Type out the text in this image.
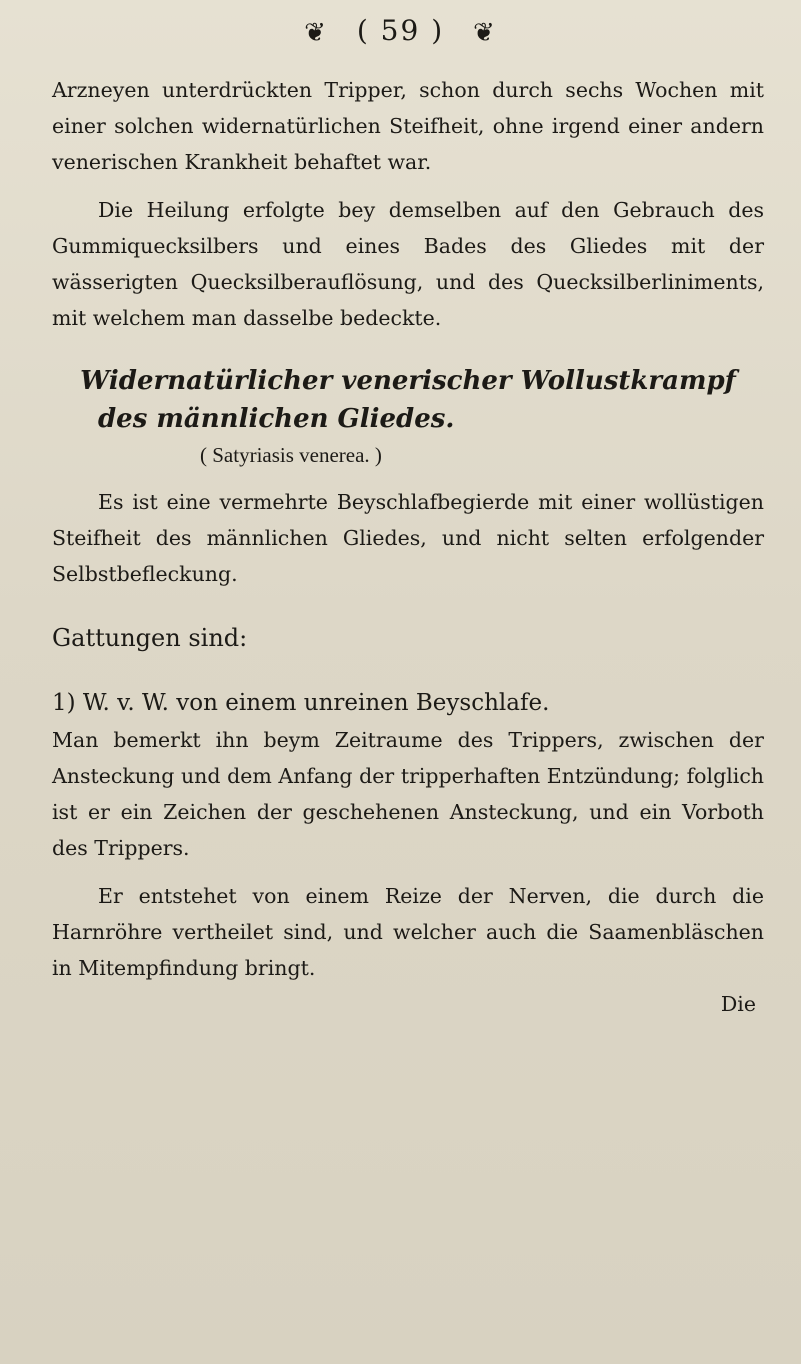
❦ ( 59 ) ❦

Arzneyen unterdrückten Tripper, schon durch sechs Wochen mit einer solchen widernatürlichen Steifheit, ohne irgend einer andern venerischen Krankheit behaftet war.

Die Heilung erfolgte bey demselben auf den Gebrauch des Gummiquecksilbers und eines Bades des Gliedes mit der wässerigten Quecksilberauflösung, und des Quecksilberliniments, mit welchem man dasselbe bedeckte.

Widernatürlicher venerischer Wollustkrampf

des männlichen Gliedes.

( Satyriasis venerea. )

Es ist eine vermehrte Beyschlafbegierde mit einer wollüstigen Steifheit des männlichen Gliedes, und nicht selten erfolgender Selbstbefleckung.

Gattungen sind:

1) W. v. W. von einem unreinen Beyschlafe.

Man bemerkt ihn beym Zeitraume des Trippers, zwischen der Ansteckung und dem Anfang der tripperhaften Entzündung; folglich ist er ein Zeichen der geschehenen Ansteckung, und ein Vorboth des Trippers.

Er entstehet von einem Reize der Nerven, die durch die Harnröhre vertheilet sind, und welcher auch die Saamenbläschen in Mitempfindung bringt.

Die
